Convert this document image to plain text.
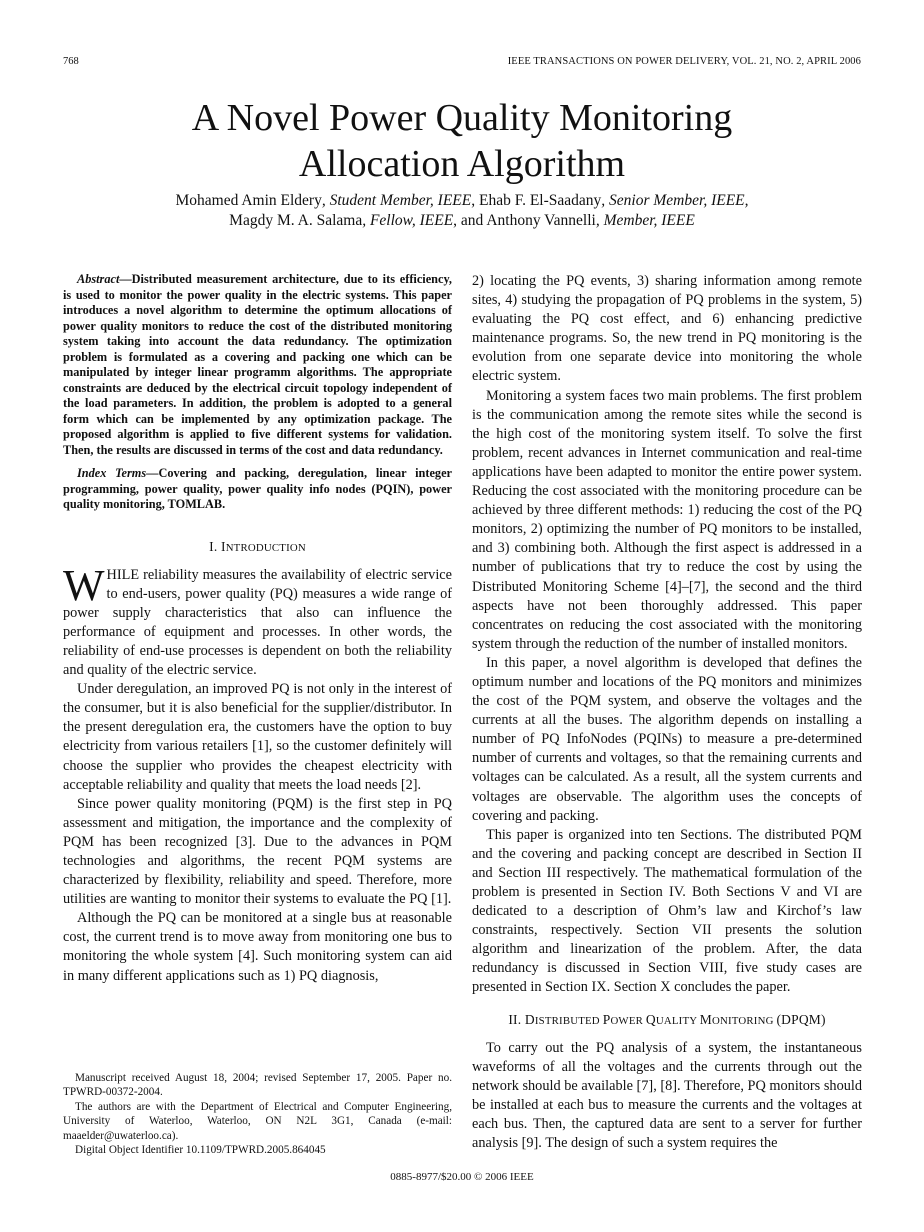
768	IEEE TRANSACTIONS ON POWER DELIVERY, VOL. 21, NO. 2, APRIL 2006
A Novel Power Quality Monitoring
Allocation Algorithm
Mohamed Amin Eldery, Student Member, IEEE, Ehab F. El-Saadany, Senior Member, IEEE,
Magdy M. A. Salama, Fellow, IEEE, and Anthony Vannelli, Member, IEEE

Abstract—Distributed measurement architecture, due to its efficiency, is used to monitor the power quality in the electric systems. This paper introduces a novel algorithm to determine the optimum allocations of power quality monitors to reduce the cost of the distributed monitoring system taking into account the data redundancy. The optimization problem is formulated as a covering and packing one which can be manipulated by integer linear programm algorithms. The appropriate constraints are deduced by the electrical circuit topology independent of the load parameters. In addition, the problem is adopted to a general form which can be implemented by any optimization package. The proposed algorithm is applied to five different systems for validation. Then, the results are discussed in terms of the cost and data redundancy.

Index Terms—Covering and packing, deregulation, linear integer programming, power quality, power quality info nodes (PQIN), power quality monitoring, TOMLAB.

I. INTRODUCTION

WHILE reliability measures the availability of electric service to end-users, power quality (PQ) measures a wide range of power supply characteristics that also can influence the performance of equipment and processes. In other words, the reliability of end-use processes is dependent on both the reliability and quality of the electric service.

Under deregulation, an improved PQ is not only in the interest of the consumer, but it is also beneficial for the supplier/distributor. In the present deregulation era, the customers have the option to buy electricity from various retailers [1], so the customer definitely will choose the supplier who provides the cheapest electricity with acceptable reliability and quality that meets the load needs [2].

Since power quality monitoring (PQM) is the first step in PQ assessment and mitigation, the importance and the complexity of PQM has been recognized [3]. Due to the advances in PQM technologies and algorithms, the recent PQM systems are characterized by flexibility, reliability and speed. Therefore, more utilities are wanting to monitor their systems to evaluate the PQ [1].

Although the PQ can be monitored at a single bus at reasonable cost, the current trend is to move away from monitoring one bus to monitoring the whole system [4]. Such monitoring system can aid in many different applications such as 1) PQ diagnosis,

2) locating the PQ events, 3) sharing information among remote sites, 4) studying the propagation of PQ problems in the system, 5) evaluating the PQ cost effect, and 6) enhancing predictive maintenance programs. So, the new trend in PQ monitoring is the evolution from one separate device into monitoring the whole electric system.

Monitoring a system faces two main problems. The first problem is the communication among the remote sites while the second is the high cost of the monitoring system itself. To solve the first problem, recent advances in Internet communication and real-time applications have been adapted to monitor the entire power system. Reducing the cost associated with the monitoring procedure can be achieved by three different methods: 1) reducing the cost of the PQ monitors, 2) optimizing the number of PQ monitors to be installed, and 3) combining both. Although the first aspect is addressed in a number of publications that try to reduce the cost by using the Distributed Monitoring Scheme [4]–[7], the second and the third aspects have not been thoroughly addressed. This paper concentrates on reducing the cost associated with the monitoring system through the reduction of the number of installed monitors.

In this paper, a novel algorithm is developed that defines the optimum number and locations of the PQ monitors and minimizes the cost of the PQM system, and observe the voltages and the currents at all the buses. The algorithm depends on installing a number of PQ InfoNodes (PQINs) to measure a pre-determined number of currents and voltages, so that the remaining currents and voltages can be calculated. As a result, all the system currents and voltages are observable. The algorithm uses the concepts of covering and packing.

This paper is organized into ten Sections. The distributed PQM and the covering and packing concept are described in Section II and Section III respectively. The mathematical formulation of the problem is presented in Section IV. Both Sections V and VI are dedicated to a description of Ohm’s law and Kirchof’s law constraints, respectively. Section VII presents the solution algorithm and linearization of the problem. After, the data redundancy is discussed in Section VIII, five study cases are presented in Section IX. Section X concludes the paper.

II. DISTRIBUTED POWER QUALITY MONITORING (DPQM)

To carry out the PQ analysis of a system, the instantaneous waveforms of all the voltages and the currents through out the network should be available [7], [8]. Therefore, PQ monitors should be installed at each bus to measure the currents and the voltages at each bus. Then, the captured data are sent to a server for further analysis [9]. The design of such a system requires the

Manuscript received August 18, 2004; revised September 17, 2005. Paper no. TPWRD-00372-2004.

The authors are with the Department of Electrical and Computer Engineering, University of Waterloo, Waterloo, ON N2L 3G1, Canada (e-mail: maaelder@uwaterloo.ca).

Digital Object Identifier 10.1109/TPWRD.2005.864045

0885-8977/$20.00 © 2006 IEEE
